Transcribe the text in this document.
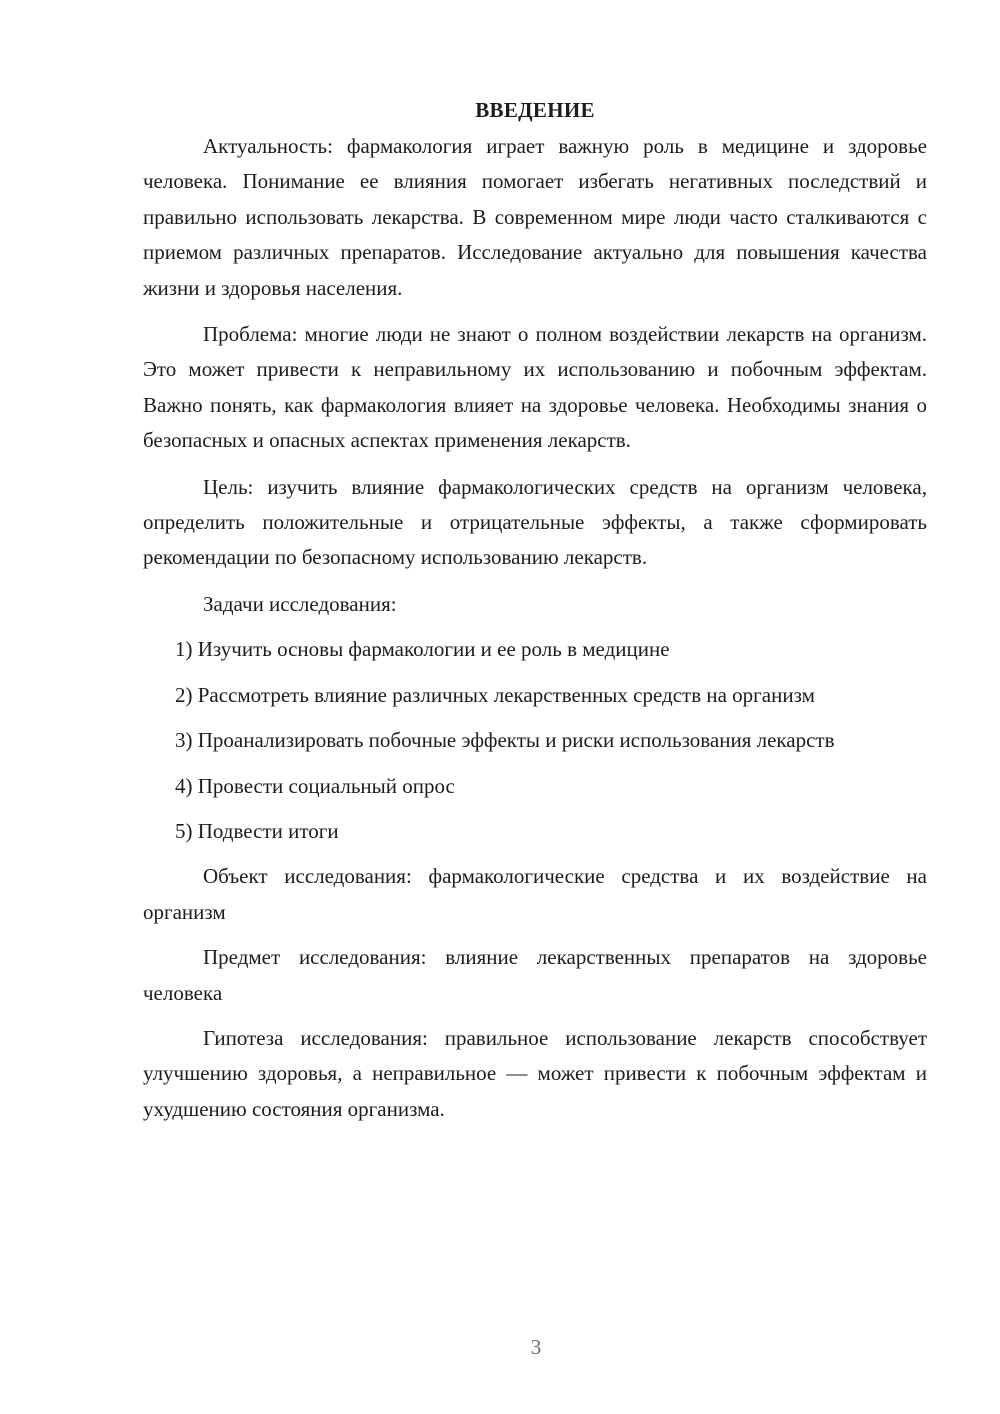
ВВЕДЕНИЕ

Актуальность: фармакология играет важную роль в медицине и здоровье человека. Понимание ее влияния помогает избегать негативных последствий и правильно использовать лекарства. В современном мире люди часто сталкиваются с приемом различных препаратов. Исследование актуально для повышения качества жизни и здоровья населения.

Проблема: многие люди не знают о полном воздействии лекарств на организм. Это может привести к неправильному их использованию и побочным эффектам. Важно понять, как фармакология влияет на здоровье человека. Необходимы знания о безопасных и опасных аспектах применения лекарств.

Цель: изучить влияние фармакологических средств на организм человека, определить положительные и отрицательные эффекты, а также сформировать рекомендации по безопасному использованию лекарств.

Задачи исследования:

1) Изучить основы фармакологии и ее роль в медицине

2) Рассмотреть влияние различных лекарственных средств на организм

3) Проанализировать побочные эффекты и риски использования лекарств

4) Провести социальный опрос

5) Подвести итоги

Объект исследования: фармакологические средства и их воздействие на организм

Предмет исследования: влияние лекарственных препаратов на здоровье человека

Гипотеза исследования: правильное использование лекарств способствует улучшению здоровья, а неправильное — может привести к побочным эффектам и ухудшению состояния организма.

3
